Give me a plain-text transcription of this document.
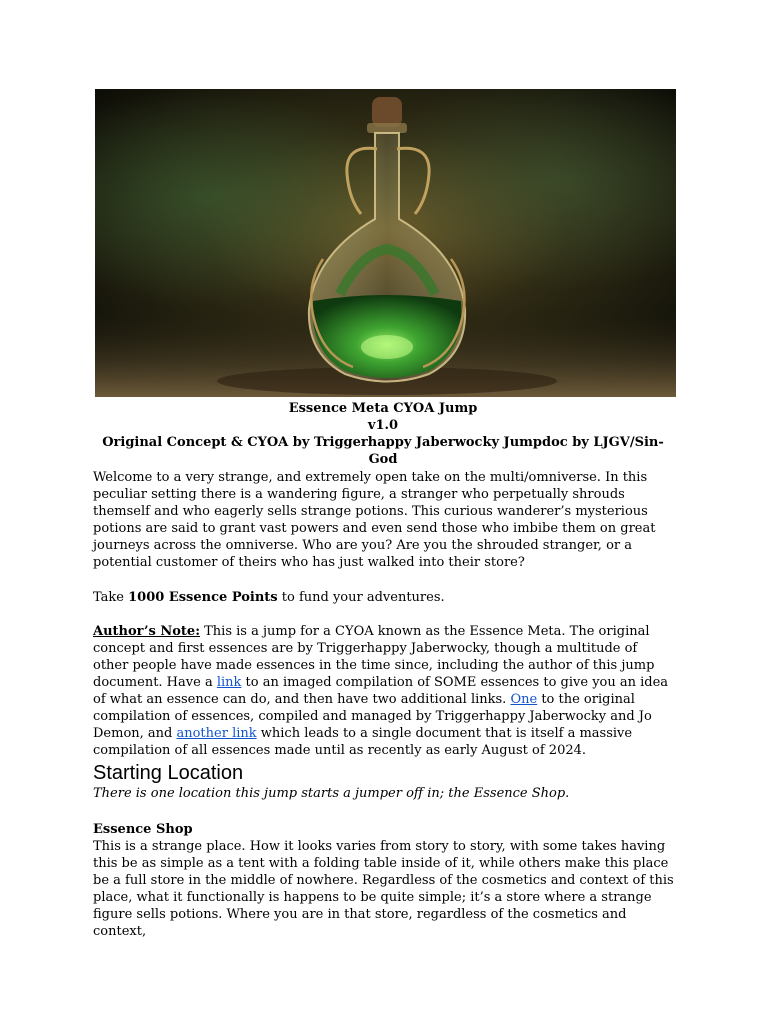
Essence Meta CYOA Jump
v1.0
Original Concept & CYOA by Triggerhappy Jaberwocky Jumpdoc by LJGV/Sin-God

Welcome to a very strange, and extremely open take on the multi/omniverse. In this peculiar setting there is a wandering figure, a stranger who perpetually shrouds themself and who eagerly sells strange potions. This curious wanderer’s mysterious potions are said to grant vast powers and even send those who imbibe them on great journeys across the omniverse. Who are you? Are you the shrouded stranger, or a potential customer of theirs who has just walked into their store?

Take 1000 Essence Points to fund your adventures.

Author’s Note: This is a jump for a CYOA known as the Essence Meta. The original concept and first essences are by Triggerhappy Jaberwocky, though a multitude of other people have made essences in the time since, including the author of this jump document. Have a link to an imaged compilation of SOME essences to give you an idea of what an essence can do, and then have two additional links. One to the original compilation of essences, compiled and managed by Triggerhappy Jaberwocky and Jo Demon, and another link which leads to a single document that is itself a massive compilation of all essences made until as recently as early August of 2024.

Starting Location

There is one location this jump starts a jumper off in; the Essence Shop.

Essence Shop

This is a strange place. How it looks varies from story to story, with some takes having this be as simple as a tent with a folding table inside of it, while others make this place be a full store in the middle of nowhere. Regardless of the cosmetics and context of this place, what it functionally is happens to be quite simple; it’s a store where a strange figure sells potions. Where you are in that store, regardless of the cosmetics and context,
